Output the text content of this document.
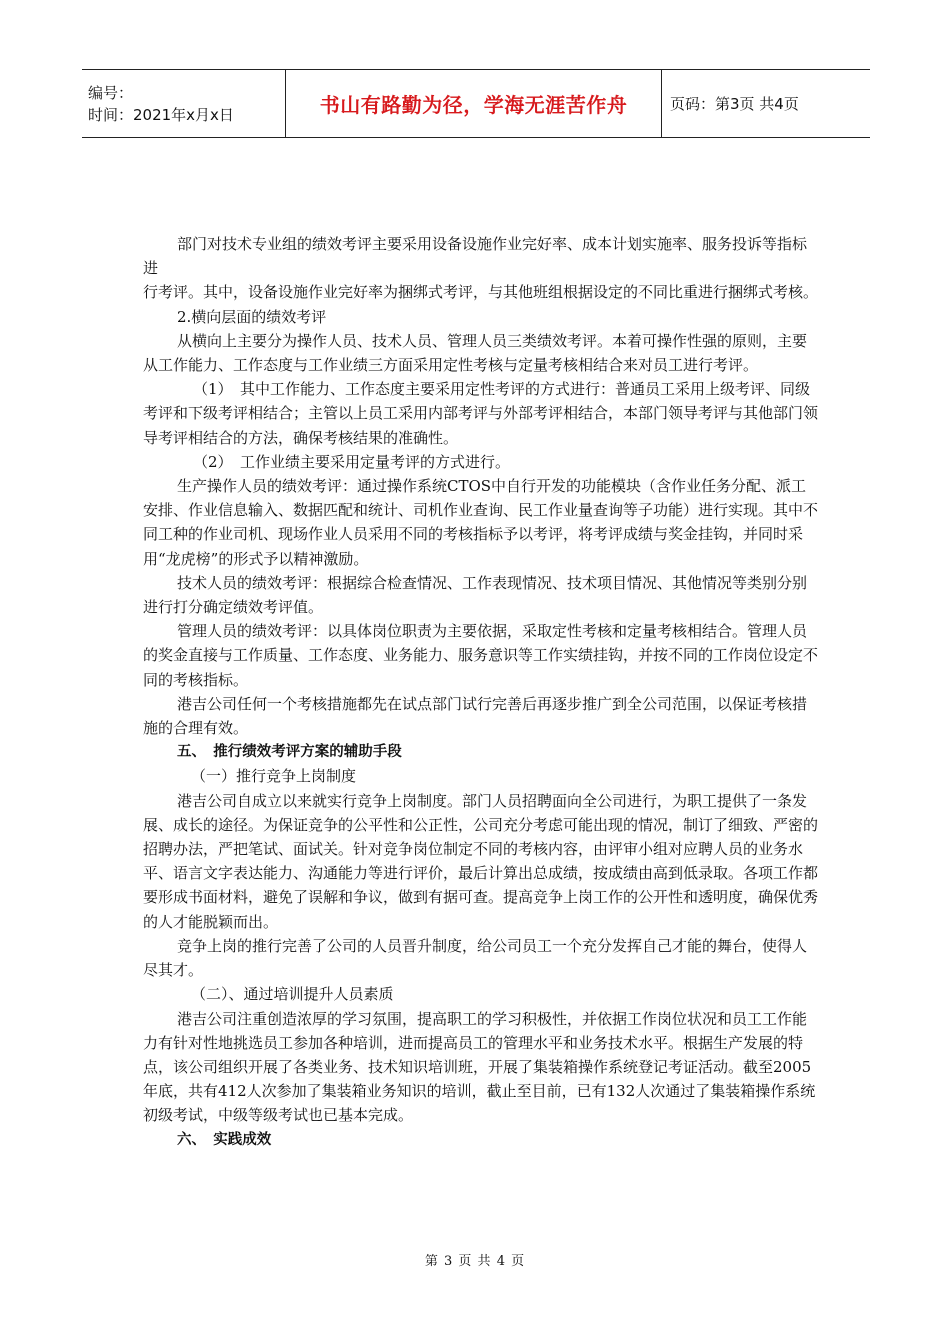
编号：
时间：2021年x月x日	书山有路勤为径，学海无涯苦作舟	页码：第3页 共4页

部门对技术专业组的绩效考评主要采用设备设施作业完好率、成本计划实施率、服务投诉等指标进

行考评。其中，设备设施作业完好率为捆绑式考评，与其他班组根据设定的不同比重进行捆绑式考核。

2.横向层面的绩效考评

从横向上主要分为操作人员、技术人员、管理人员三类绩效考评。本着可操作性强的原则，主要从工作能力、工作态度与工作业绩三方面采用定性考核与定量考核相结合来对员工进行考评。

（1）　其中工作能力、工作态度主要采用定性考评的方式进行：普通员工采用上级考评、同级考评和下级考评相结合；主管以上员工采用内部考评与外部考评相结合，本部门领导考评与其他部门领导考评相结合的方法，确保考核结果的准确性。

（2）　工作业绩主要采用定量考评的方式进行。

生产操作人员的绩效考评：通过操作系统CTOS中自行开发的功能模块（含作业任务分配、派工安排、作业信息输入、数据匹配和统计、司机作业查询、民工作业量查询等子功能）进行实现。其中不同工种的作业司机、现场作业人员采用不同的考核指标予以考评，将考评成绩与奖金挂钩，并同时采用“龙虎榜”的形式予以精神激励。

技术人员的绩效考评：根据综合检查情况、工作表现情况、技术项目情况、其他情况等类别分别进行打分确定绩效考评值。

管理人员的绩效考评：以具体岗位职责为主要依据，采取定性考核和定量考核相结合。管理人员的奖金直接与工作质量、工作态度、业务能力、服务意识等工作实绩挂钩，并按不同的工作岗位设定不同的考核指标。

港吉公司任何一个考核措施都先在试点部门试行完善后再逐步推广到全公司范围，以保证考核措施的合理有效。

五、　推行绩效考评方案的辅助手段

（一）推行竞争上岗制度

港吉公司自成立以来就实行竞争上岗制度。部门人员招聘面向全公司进行，为职工提供了一条发展、成长的途径。为保证竞争的公平性和公正性，公司充分考虑可能出现的情况，制订了细致、严密的招聘办法，严把笔试、面试关。针对竞争岗位制定不同的考核内容，由评审小组对应聘人员的业务水平、语言文字表达能力、沟通能力等进行评价，最后计算出总成绩，按成绩由高到低录取。各项工作都要形成书面材料，避免了误解和争议，做到有据可查。提高竞争上岗工作的公开性和透明度，确保优秀的人才能脱颖而出。

竞争上岗的推行完善了公司的人员晋升制度，给公司员工一个充分发挥自己才能的舞台，使得人尽其才。

（二）、通过培训提升人员素质

港吉公司注重创造浓厚的学习氛围，提高职工的学习积极性，并依据工作岗位状况和员工工作能力有针对性地挑选员工参加各种培训，进而提高员工的管理水平和业务技术水平。根据生产发展的特点，该公司组织开展了各类业务、技术知识培训班，开展了集装箱操作系统登记考证活动。截至2005年底，共有412人次参加了集装箱业务知识的培训，截止至目前，已有132人次通过了集装箱操作系统初级考试，中级等级考试也已基本完成。

六、　实践成效

第 3 页 共 4 页
